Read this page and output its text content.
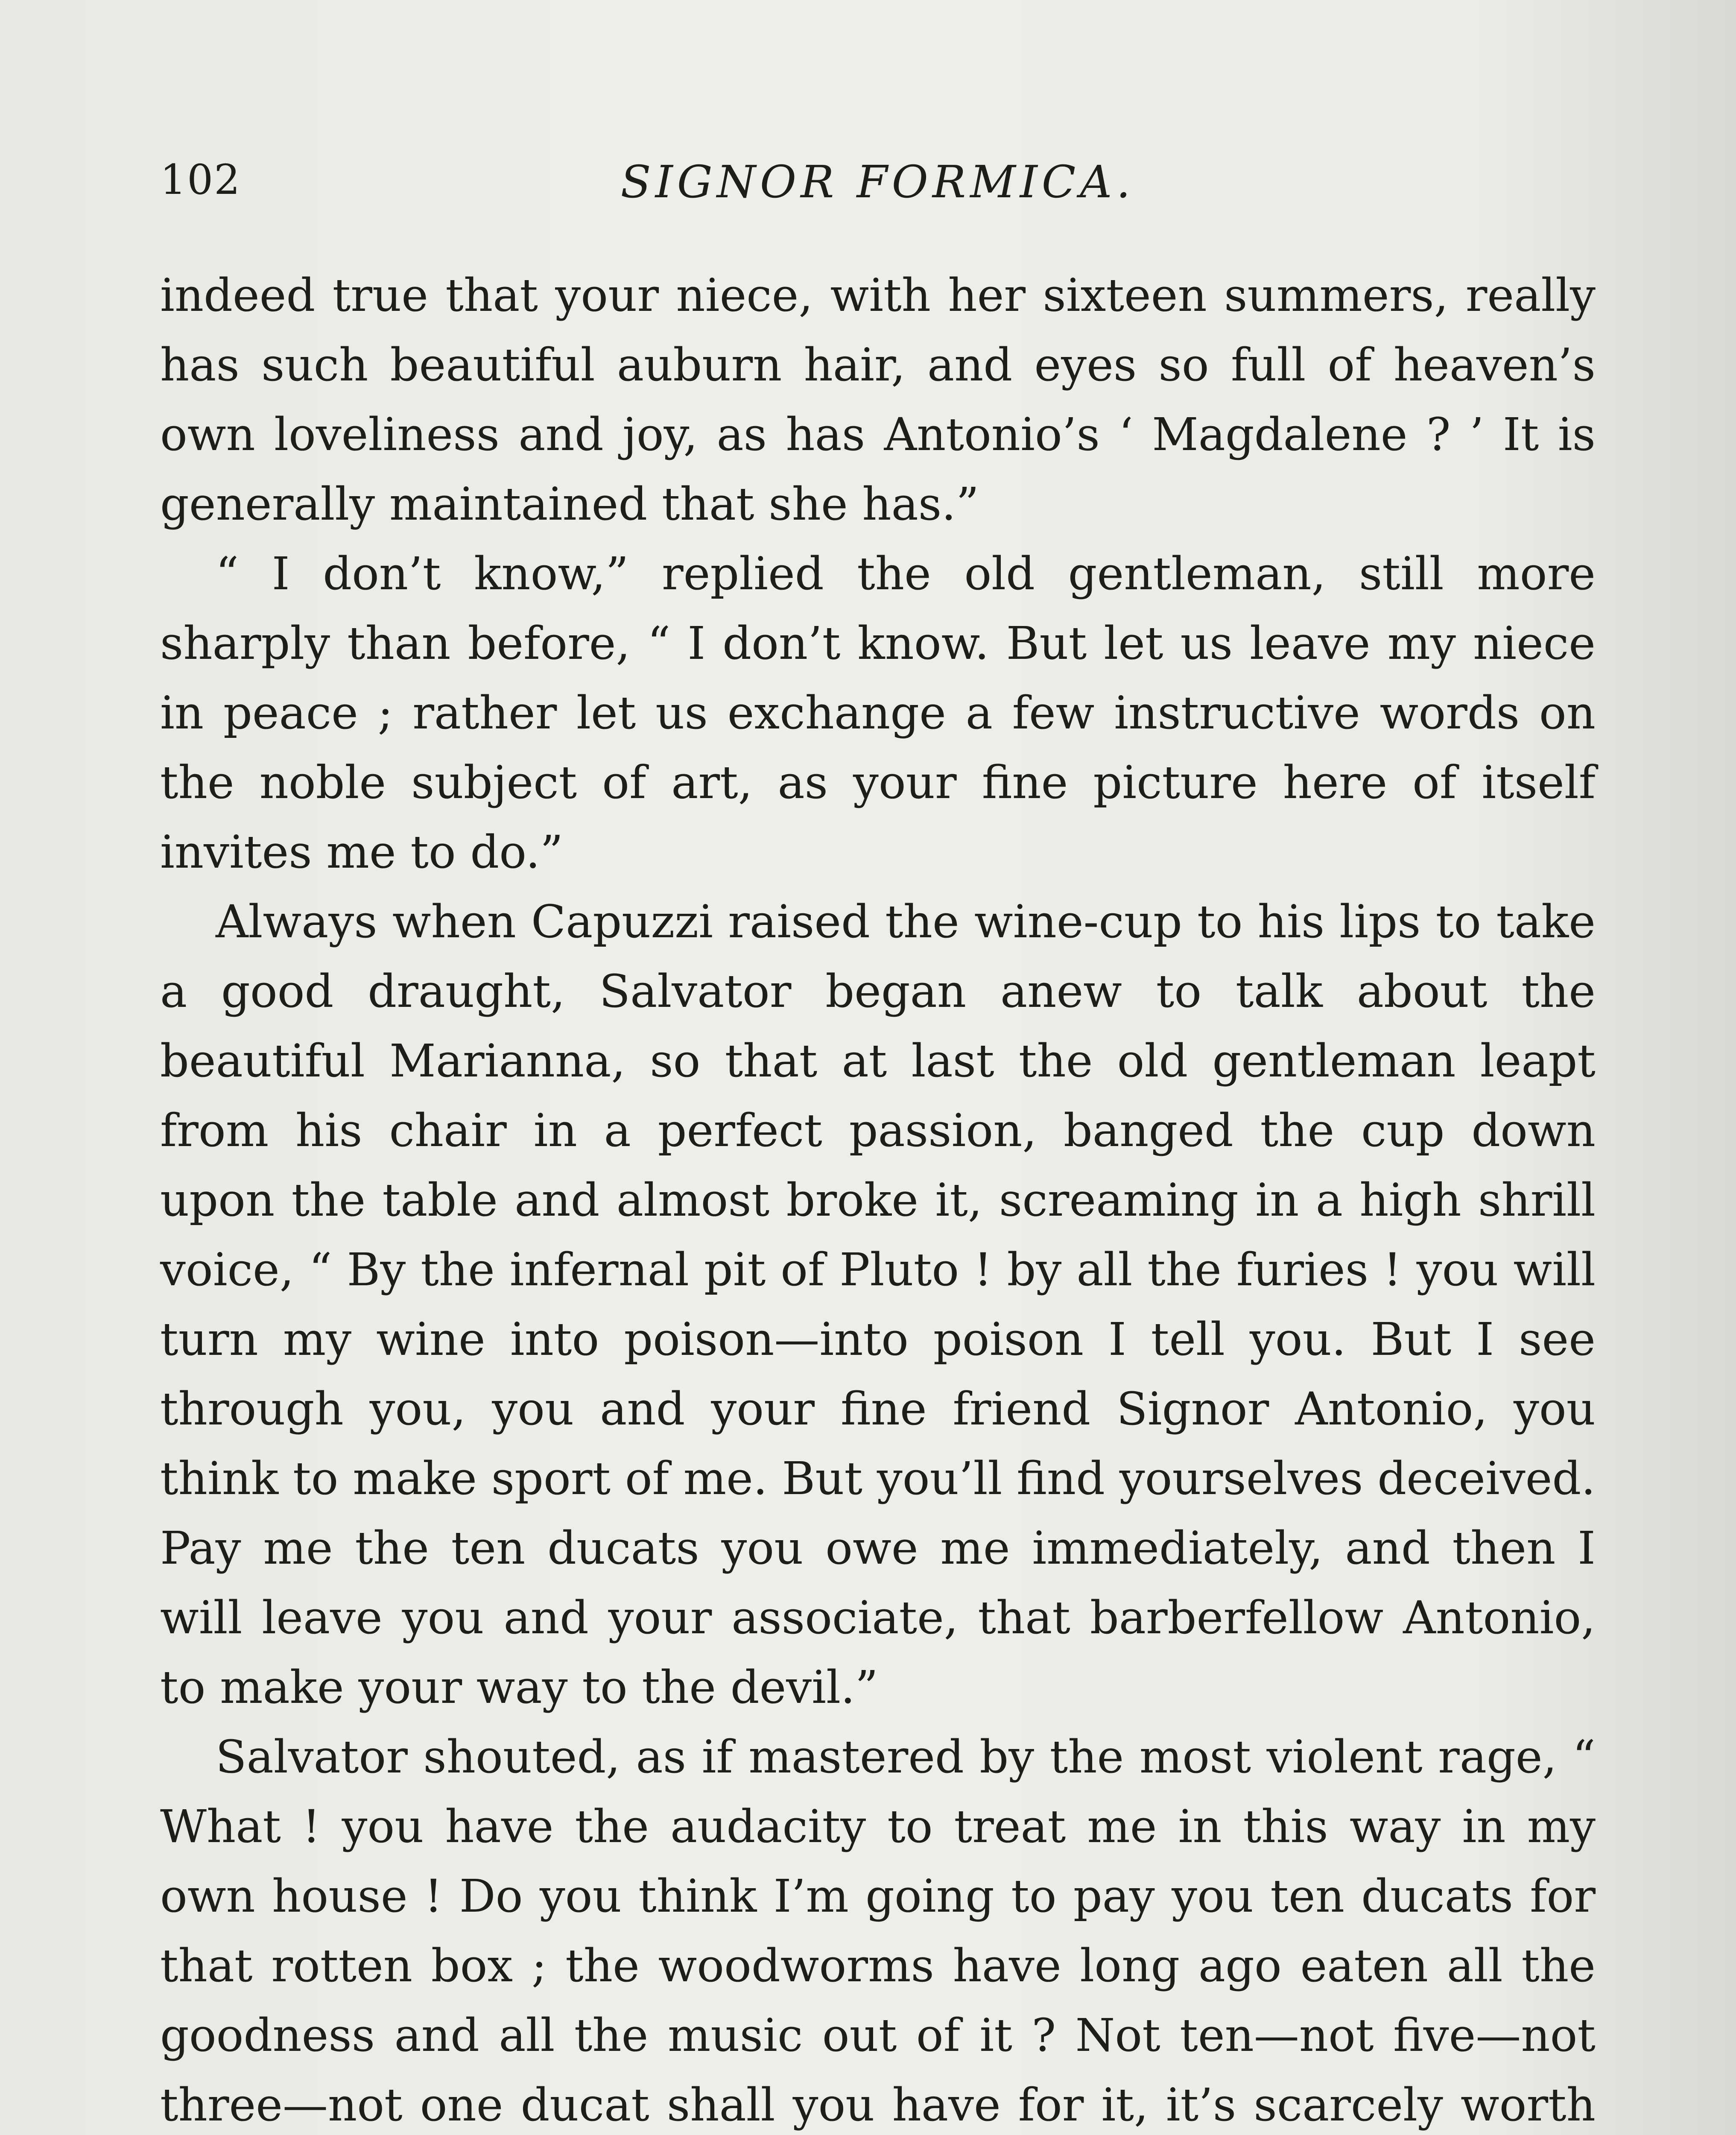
102	SIGNOR FORMICA.

indeed true that your niece, with her sixteen summers, really has such beautiful auburn hair, and eyes so full of heaven’s own loveliness and joy, as has Antonio’s ‘ Magdalene ? ’ It is generally maintained that she has.”

“ I don’t know,” replied the old gentleman, still more sharply than before, “ I don’t know. But let us leave my niece in peace ; rather let us exchange a few instructive words on the noble subject of art, as your fine picture here of itself invites me to do.”

Always when Capuzzi raised the wine-cup to his lips to take a good draught, Salvator began anew to talk about the beautiful Marianna, so that at last the old gentleman leapt from his chair in a perfect passion, banged the cup down upon the table and almost broke it, screaming in a high shrill voice, “ By the infernal pit of Pluto ! by all the furies ! you will turn my wine into poison—into poison I tell you. But I see through you, you and your fine friend Signor Antonio, you think to make sport of me. But you’ll find yourselves deceived. Pay me the ten ducats you owe me immediately, and then I will leave you and your associate, that barberfellow Antonio, to make your way to the devil.”

Salvator shouted, as if mastered by the most violent rage, “ What ! you have the audacity to treat me in this way in my own house ! Do you think I’m going to pay you ten ducats for that rotten box ; the woodworms have long ago eaten all the goodness and all the music out of it ? Not ten—not five—not three—not one ducat shall you have for it, it’s scarcely worth
